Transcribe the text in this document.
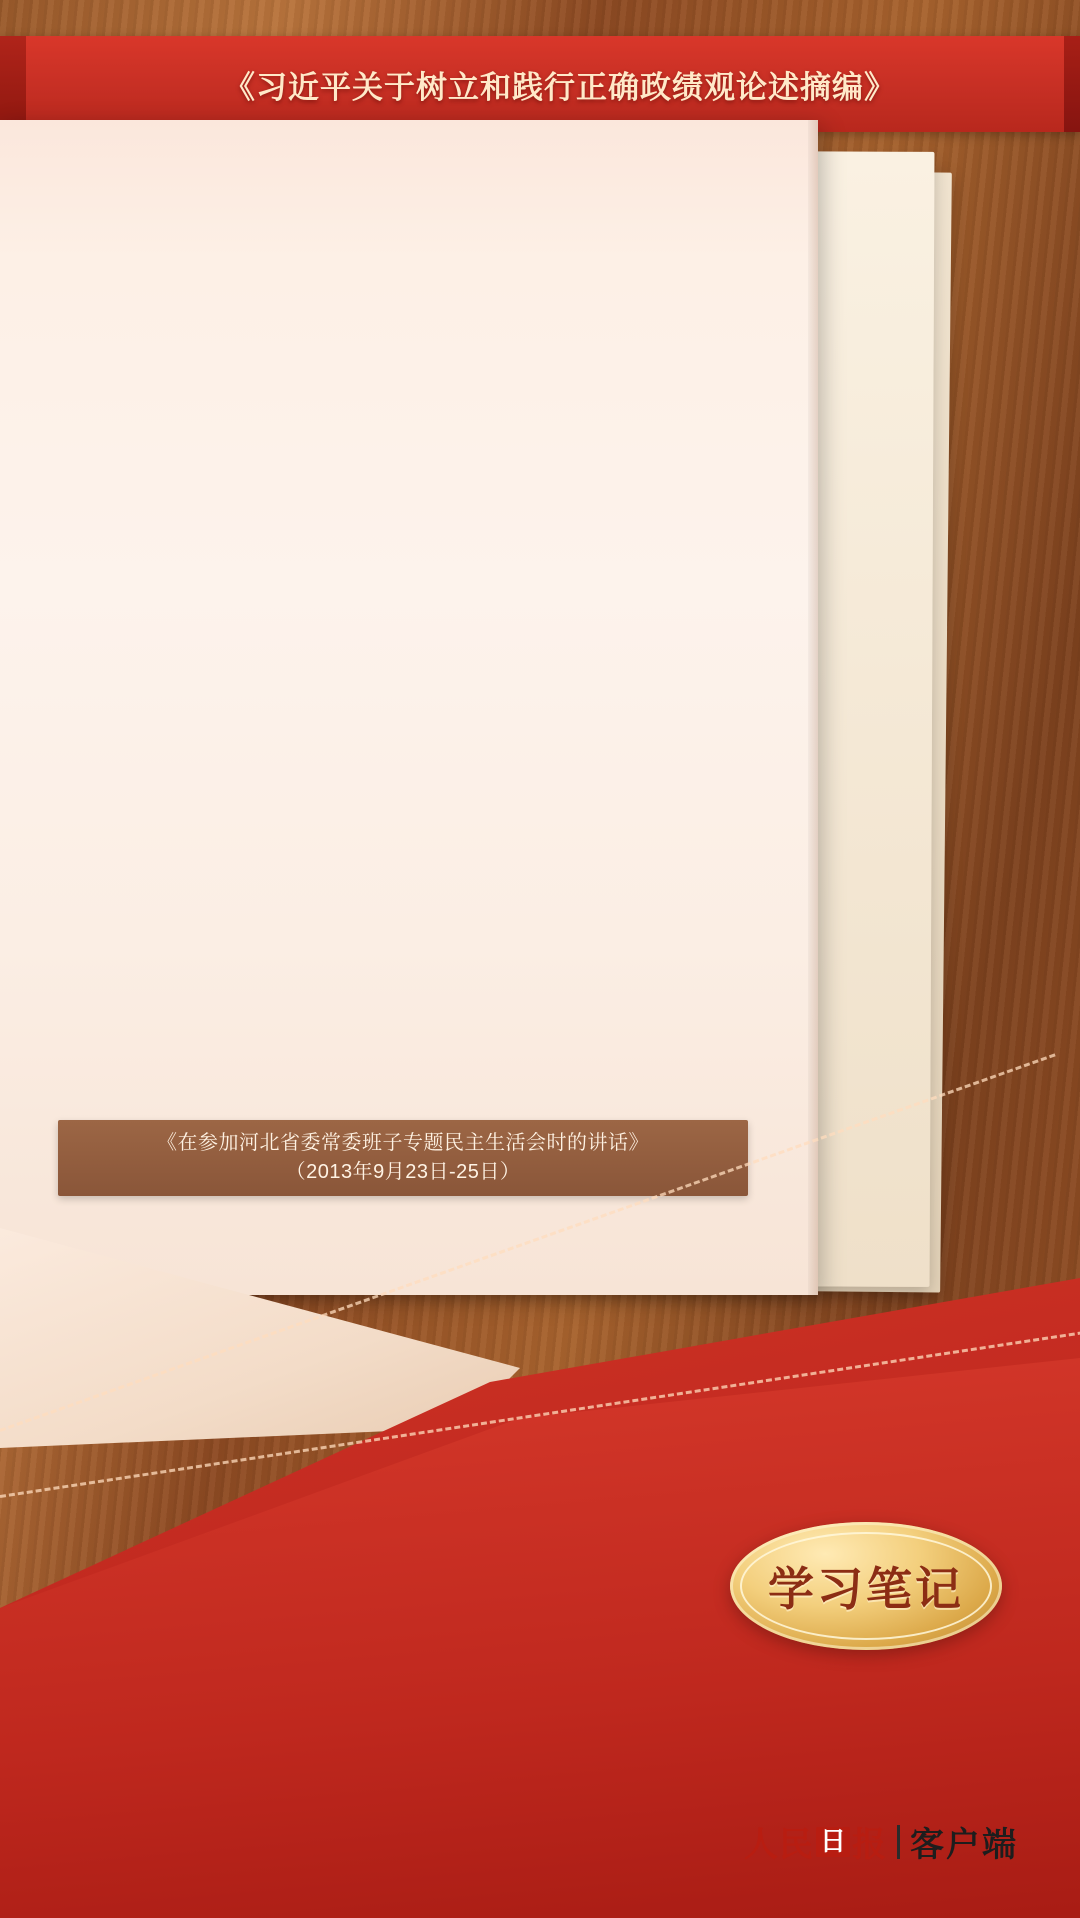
《习近平关于树立和践行正确政绩观论述摘编》
《在参加河北省委常委班子专题民主生活会时的讲话》
（2013年9月23日-25日）
学习笔记
人 民 日 报 客户端
